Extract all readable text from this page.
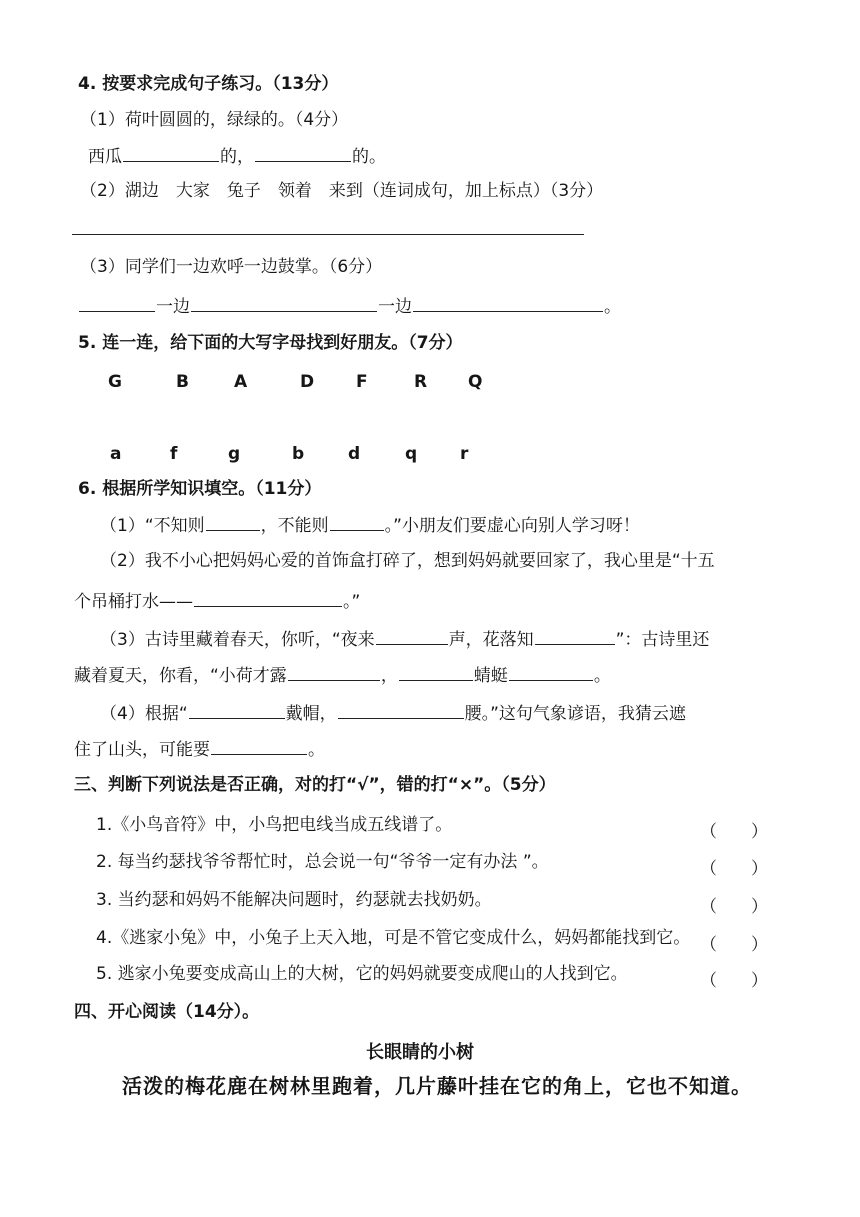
4. 按要求完成句子练习。（13分）
（1）荷叶圆圆的，绿绿的。（4分）
西瓜	的，	的。
（2）湖边　大家　兔子　领着　来到（连词成句，加上标点）（3分）
（3）同学们一边欢呼一边鼓掌。（6分）
一边	一边	。
5. 连一连，给下面的大写字母找到好朋友。（7分）
G	B	A	D F	R Q
a	f	g	b	d	q	r
6. 根据所学知识填空。（11分）
（1）“不知则	，不能则	。”小朋友们要虚心向别人学习呀！
（2）我不小心把妈妈心爱的首饰盒打碎了，想到妈妈就要回家了，我心里是“十五
个吊桶打水——	。”
（3）古诗里藏着春天，你听，“夜来	声，花落知	”：古诗里还
藏着夏天，你看，“小荷才露	，	蜻蜓	。
（4）根据“	戴帽，	腰。”这句气象谚语，我猜云遮
住了山头，可能要	。
三、判断下列说法是否正确，对的打“√”，错的打“×”。（5分）
1.《小鸟音符》中，小鸟把电线当成五线谱了。	（　　）
2. 每当约瑟找爷爷帮忙时，总会说一句“爷爷一定有办法 ”。	（　　）
3. 当约瑟和妈妈不能解决问题时，约瑟就去找奶奶。	（　　）
4.《逃家小兔》中，小兔子上天入地，可是不管它变成什么，妈妈都能找到它。 （　　）
5. 逃家小兔要变成高山上的大树，它的妈妈就要变成爬山的人找到它。	（　　）
四、开心阅读（14分）。
长眼睛的小树
活泼的梅花鹿在树林里跑着，几片藤叶挂在它的角上，它也不知道。
